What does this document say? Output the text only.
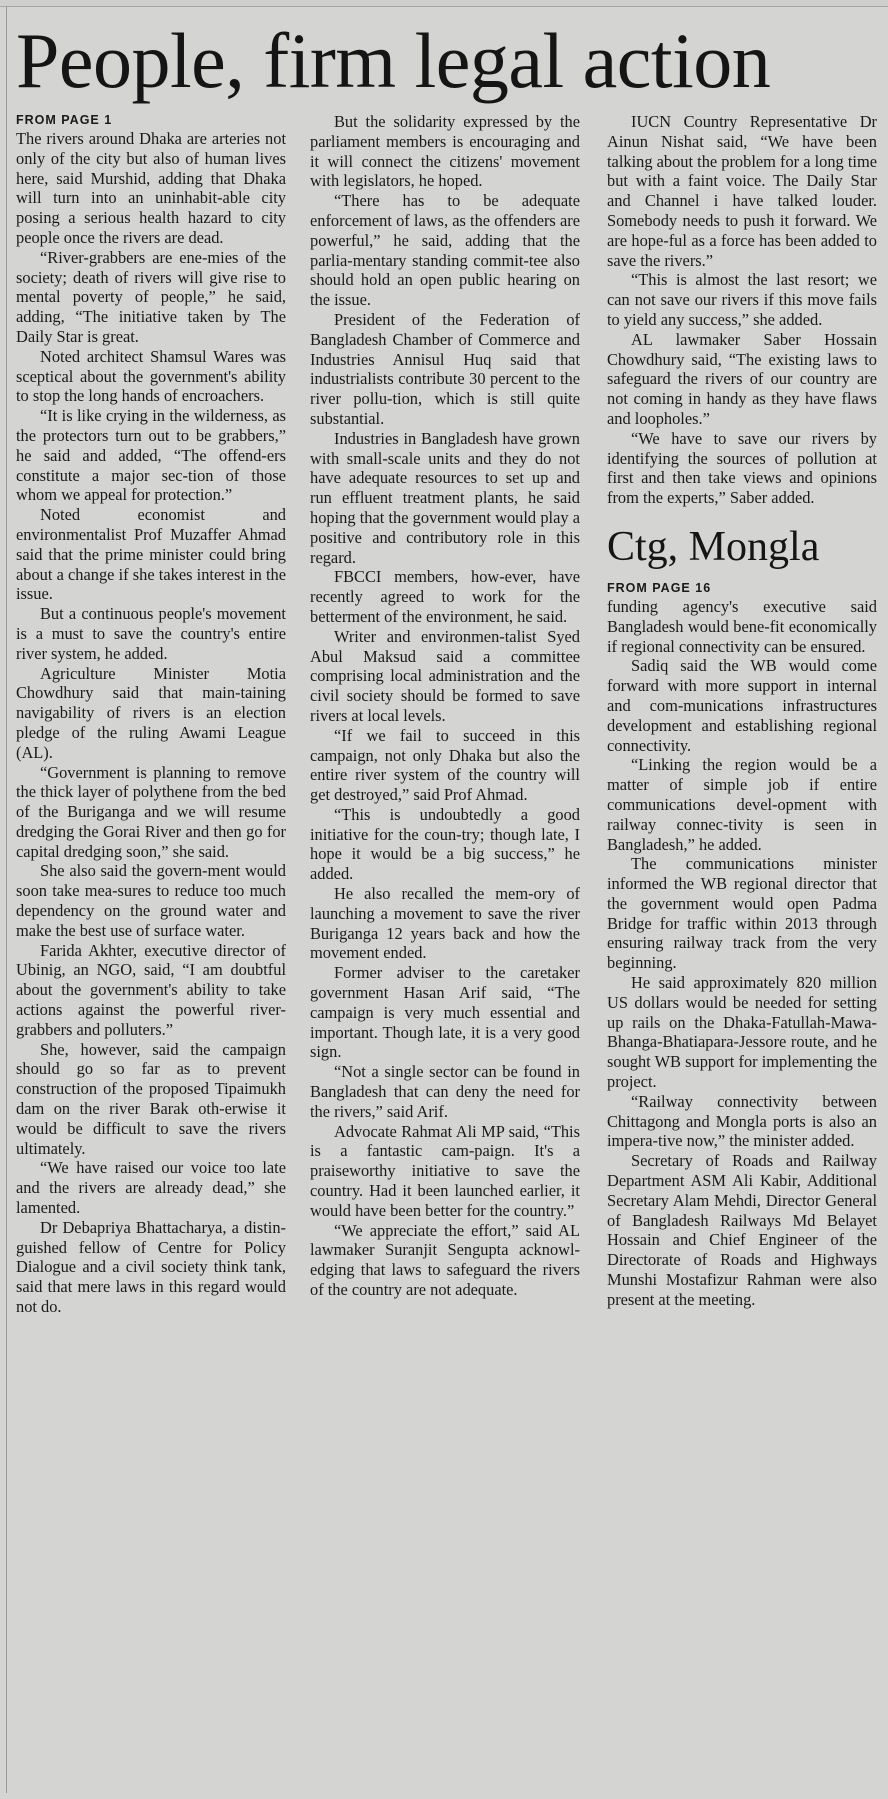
People, firm legal action
FROM PAGE 1

The rivers around Dhaka are arteries not only of the city but also of human lives here, said Murshid, adding that Dhaka will turn into an uninhabit-able city posing a serious health hazard to city people once the rivers are dead.

“River-grabbers are ene-mies of the society; death of rivers will give rise to mental poverty of people,” he said, adding, “The initiative taken by The Daily Star is great.

Noted architect Shamsul Wares was sceptical about the government's ability to stop the long hands of encroachers.

“It is like crying in the wilderness, as the protectors turn out to be grabbers,” he said and added, “The offend-ers constitute a major sec-tion of those whom we appeal for protection.”

Noted economist and environmentalist Prof Muzaffer Ahmad said that the prime minister could bring about a change if she takes interest in the issue.

But a continuous people's movement is a must to save the country's entire river system, he added.

Agriculture Minister Motia Chowdhury said that main-taining navigability of rivers is an election pledge of the ruling Awami League (AL).

“Government is planning to remove the thick layer of polythene from the bed of the Buriganga and we will resume dredging the Gorai River and then go for capital dredging soon,” she said.

She also said the govern-ment would soon take mea-sures to reduce too much dependency on the ground water and make the best use of surface water.

Farida Akhter, executive director of Ubinig, an NGO, said, “I am doubtful about the government's ability to take actions against the powerful river-grabbers and polluters.”

She, however, said the campaign should go so far as to prevent construction of the proposed Tipaimukh dam on the river Barak oth-erwise it would be difficult to save the rivers ultimately.

“We have raised our voice too late and the rivers are already dead,” she lamented.

Dr Debapriya Bhattacharya, a distin-guished fellow of Centre for Policy Dialogue and a civil society think tank, said that mere laws in this regard would not do.

But the solidarity expressed by the parliament members is encouraging and it will connect the citizens' movement with legislators, he hoped.

“There has to be adequate enforcement of laws, as the offenders are powerful,” he said, adding that the parlia-mentary standing commit-tee also should hold an open public hearing on the issue.

President of the Federation of Bangladesh Chamber of Commerce and Industries Annisul Huq said that industrialists contribute 30 percent to the river pollu-tion, which is still quite substantial.

Industries in Bangladesh have grown with small-scale units and they do not have adequate resources to set up and run effluent treatment plants, he said hoping that the government would play a positive and contributory role in this regard.

FBCCI members, how-ever, have recently agreed to work for the betterment of the environment, he said.

Writer and environmen-talist Syed Abul Maksud said a committee comprising local administration and the civil society should be formed to save rivers at local levels.

“If we fail to succeed in this campaign, not only Dhaka but also the entire river system of the country will get destroyed,” said Prof Ahmad.

“This is undoubtedly a good initiative for the coun-try; though late, I hope it would be a big success,” he added.

He also recalled the mem-ory of launching a movement to save the river Buriganga 12 years back and how the movement ended.

Former adviser to the caretaker government Hasan Arif said, “The campaign is very much essential and important. Though late, it is a very good sign.

“Not a single sector can be found in Bangladesh that can deny the need for the rivers,” said Arif.

Advocate Rahmat Ali MP said, “This is a fantastic cam-paign. It's a praiseworthy initiative to save the country. Had it been launched earlier, it would have been better for the country.”

“We appreciate the effort,” said AL lawmaker Suranjit Sengupta acknowl-edging that laws to safeguard the rivers of the country are not adequate.

IUCN Country Representative Dr Ainun Nishat said, “We have been talking about the problem for a long time but with a faint voice. The Daily Star and Channel i have talked louder. Somebody needs to push it forward. We are hope-ful as a force has been added to save the rivers.”

“This is almost the last resort; we can not save our rivers if this move fails to yield any success,” she added.

AL lawmaker Saber Hossain Chowdhury said, “The existing laws to safeguard the rivers of our country are not coming in handy as they have flaws and loopholes.”

“We have to save our rivers by identifying the sources of pollution at first and then take views and opinions from the experts,” Saber added.

Ctg, Mongla
FROM PAGE 16

funding agency's executive said Bangladesh would bene-fit economically if regional connectivity can be ensured.

Sadiq said the WB would come forward with more support in internal and com-munications infrastructures development and establishing regional connectivity.

“Linking the region would be a matter of simple job if entire communications devel-opment with railway connec-tivity is seen in Bangladesh,” he added.

The communications minister informed the WB regional director that the government would open Padma Bridge for traffic within 2013 through ensuring railway track from the very beginning.

He said approximately 820 million US dollars would be needed for setting up rails on the Dhaka-Fatullah-Mawa-Bhanga-Bhatiapara-Jessore route, and he sought WB support for implementing the project.

“Railway connectivity between Chittagong and Mongla ports is also an impera-tive now,” the minister added.

Secretary of Roads and Railway Department ASM Ali Kabir, Additional Secretary Alam Mehdi, Director General of Bangladesh Railways Md Belayet Hossain and Chief Engineer of the Directorate of Roads and Highways Munshi Mostafizur Rahman were also present at the meeting.
